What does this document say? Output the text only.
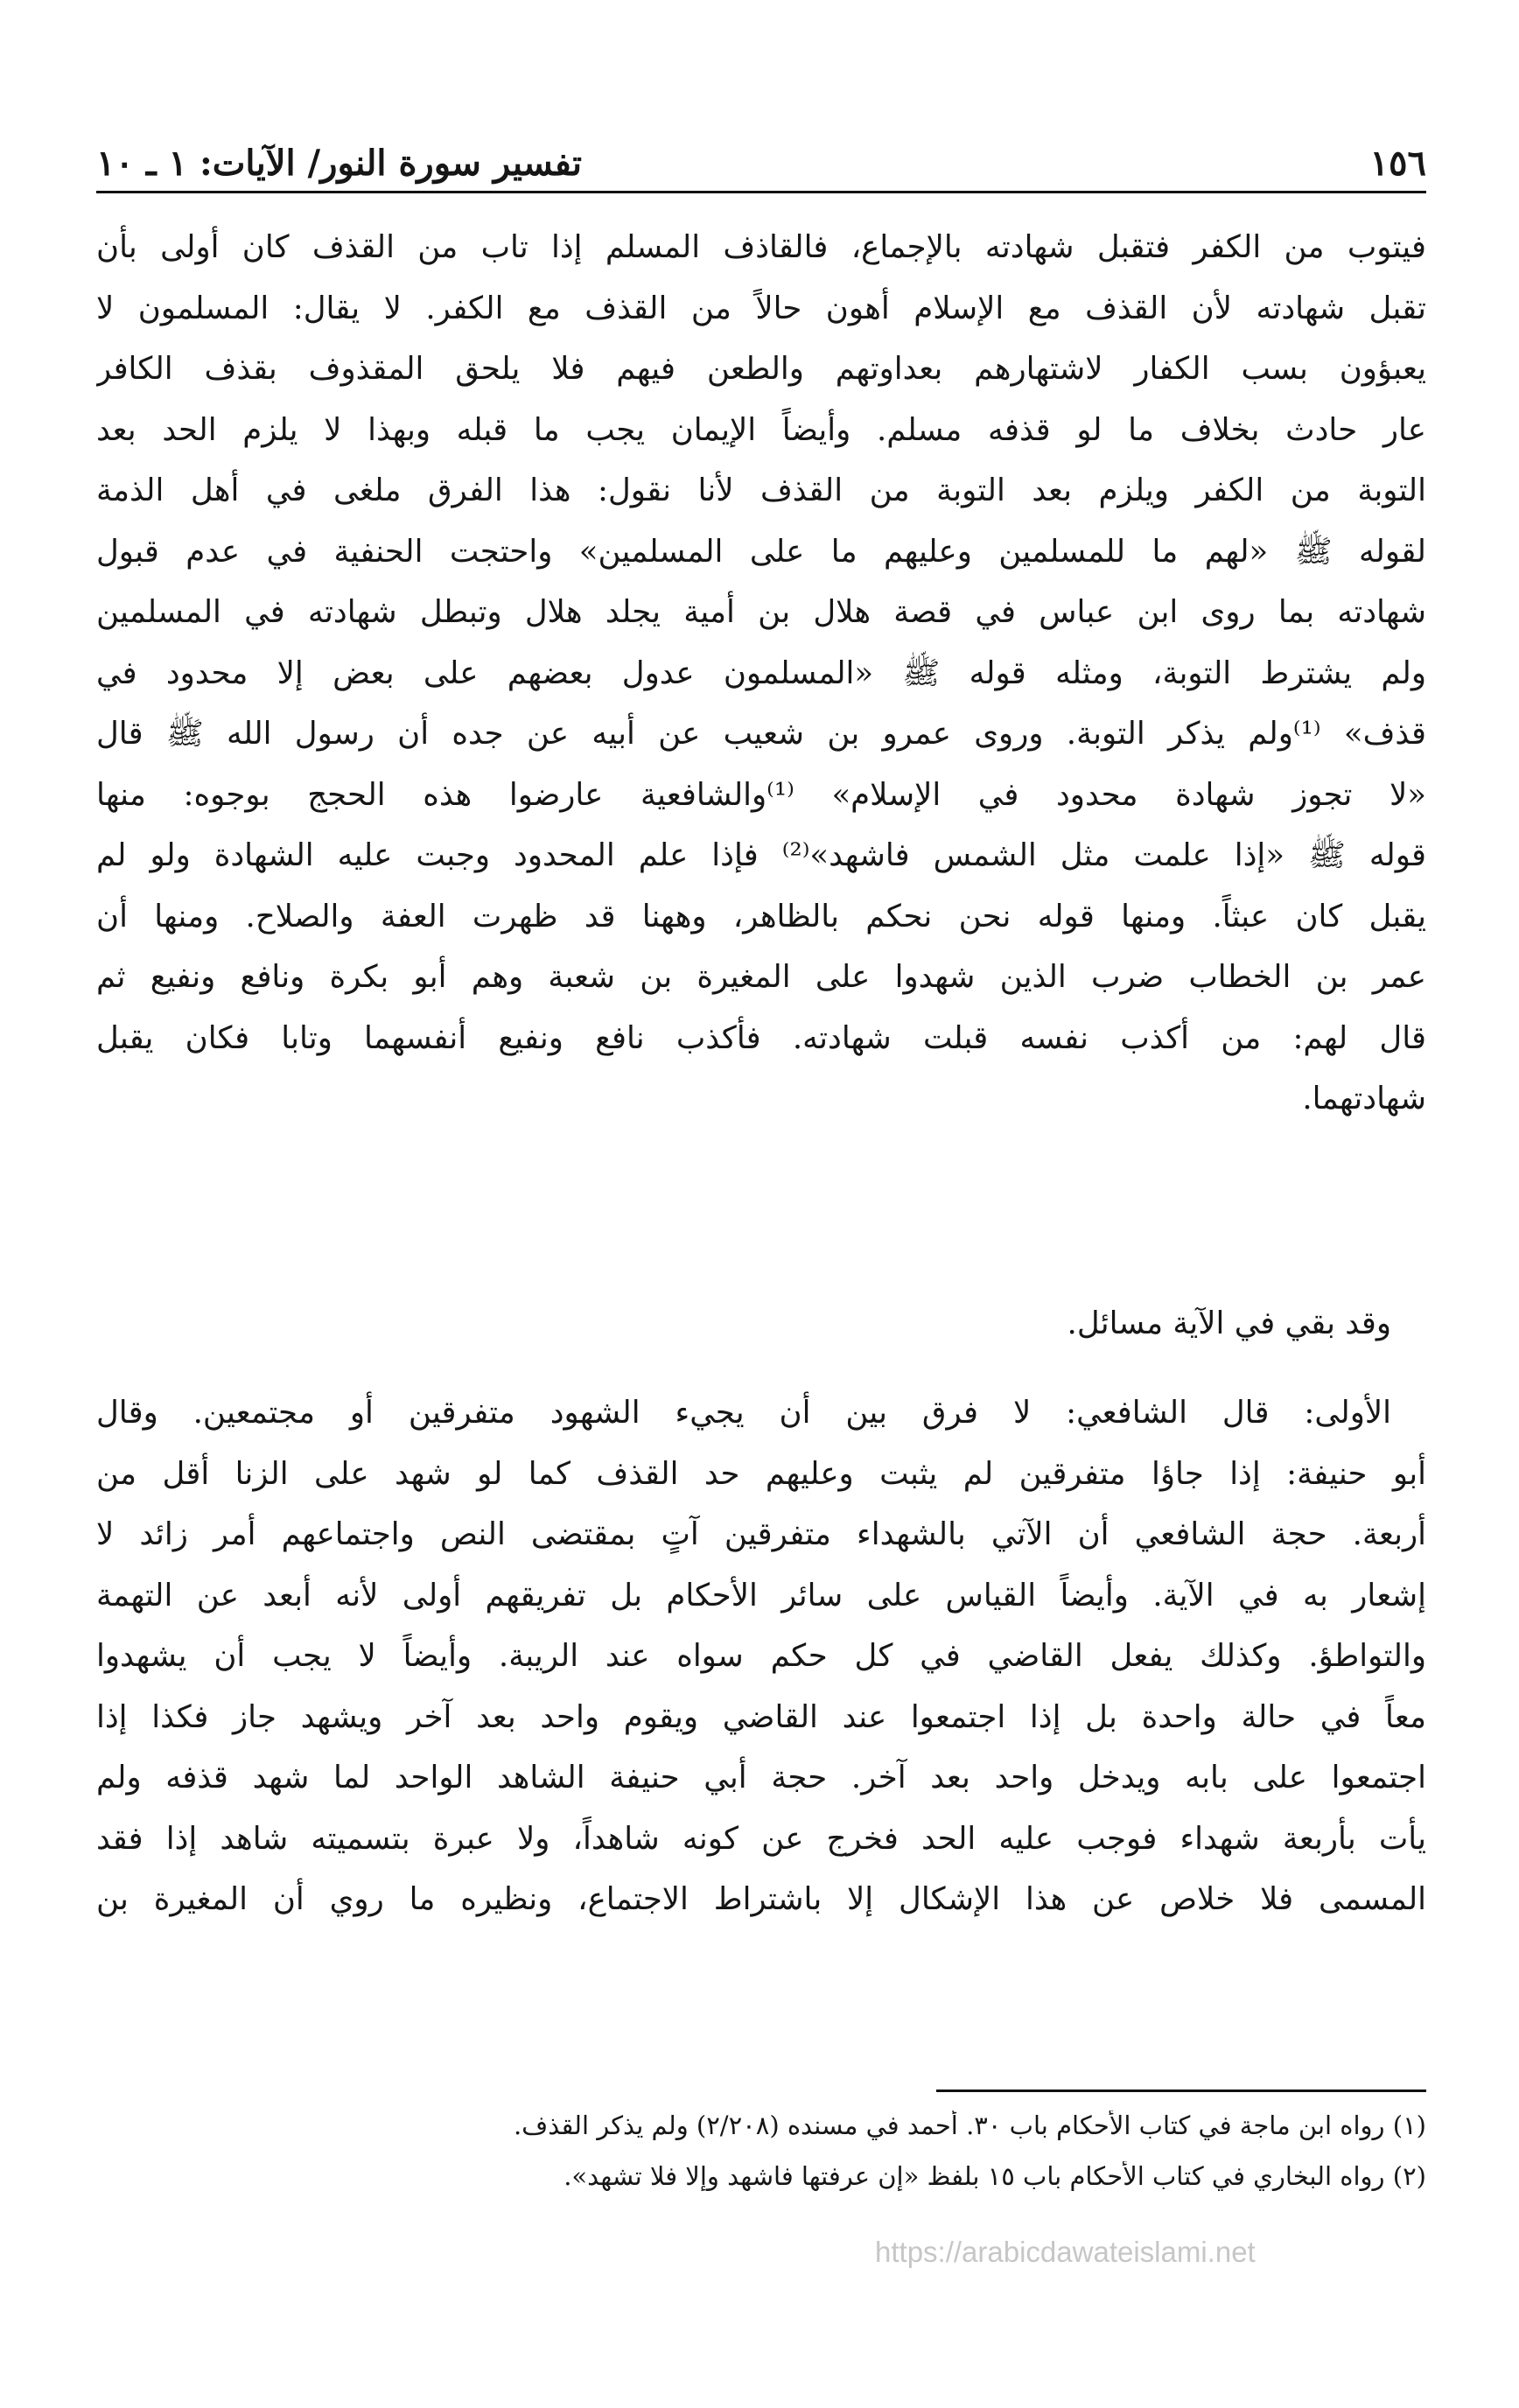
١٥٦
تفسير سورة النور/ الآيات: ١ ـ ١٠
فيتوب من الكفر فتقبل شهادته بالإجماع، فالقاذف المسلم إذا تاب من القذف كان أولى بأن
تقبل شهادته لأن القذف مع الإسلام أهون حالاً من القذف مع الكفر. لا يقال: المسلمون لا
يعبؤون بسب الكفار لاشتهارهم بعداوتهم والطعن فيهم فلا يلحق المقذوف بقذف الكافر
عار حادث بخلاف ما لو قذفه مسلم. وأيضاً الإيمان يجب ما قبله وبهذا لا يلزم الحد بعد
التوبة من الكفر ويلزم بعد التوبة من القذف لأنا نقول: هذا الفرق ملغى في أهل الذمة
لقوله ﷺ «لهم ما للمسلمين وعليهم ما على المسلمين» واحتجت الحنفية في عدم قبول
شهادته بما روى ابن عباس في قصة هلال بن أمية يجلد هلال وتبطل شهادته في المسلمين
ولم يشترط التوبة، ومثله قوله ﷺ «المسلمون عدول بعضهم على بعض إلا محدود في
قذف» ⁽¹⁾ولم يذكر التوبة. وروى عمرو بن شعيب عن أبيه عن جده أن رسول الله ﷺ قال
«لا تجوز شهادة محدود في الإسلام» ⁽¹⁾والشافعية عارضوا هذه الحجج بوجوه: منها
قوله ﷺ «إذا علمت مثل الشمس فاشهد»⁽²⁾ فإذا علم المحدود وجبت عليه الشهادة ولو لم
يقبل كان عبثاً. ومنها قوله نحن نحكم بالظاهر، وههنا قد ظهرت العفة والصلاح. ومنها أن
عمر بن الخطاب ضرب الذين شهدوا على المغيرة بن شعبة وهم أبو بكرة ونافع ونفيع ثم
قال لهم: من أكذب نفسه قبلت شهادته. فأكذب نافع ونفيع أنفسهما وتابا فكان يقبل
شهادتهما.
وقد بقي في الآية مسائل.
الأولى: قال الشافعي: لا فرق بين أن يجيء الشهود متفرقين أو مجتمعين. وقال
أبو حنيفة: إذا جاؤا متفرقين لم يثبت وعليهم حد القذف كما لو شهد على الزنا أقل من
أربعة. حجة الشافعي أن الآتي بالشهداء متفرقين آتٍ بمقتضى النص واجتماعهم أمر زائد لا
إشعار به في الآية. وأيضاً القياس على سائر الأحكام بل تفريقهم أولى لأنه أبعد عن التهمة
والتواطؤ. وكذلك يفعل القاضي في كل حكم سواه عند الريبة. وأيضاً لا يجب أن يشهدوا
معاً في حالة واحدة بل إذا اجتمعوا عند القاضي ويقوم واحد بعد آخر ويشهد جاز فكذا إذا
اجتمعوا على بابه ويدخل واحد بعد آخر. حجة أبي حنيفة الشاهد الواحد لما شهد قذفه ولم
يأت بأربعة شهداء فوجب عليه الحد فخرج عن كونه شاهداً، ولا عبرة بتسميته شاهد إذا فقد
المسمى فلا خلاص عن هذا الإشكال إلا باشتراط الاجتماع، ونظيره ما روي أن المغيرة بن
(١) رواه ابن ماجة في كتاب الأحكام باب ٣٠. أحمد في مسنده (٢/٢٠٨) ولم يذكر القذف.
(٢) رواه البخاري في كتاب الأحكام باب ١٥ بلفظ «إن عرفتها فاشهد وإلا فلا تشهد».
https://arabicdawateislami.net
